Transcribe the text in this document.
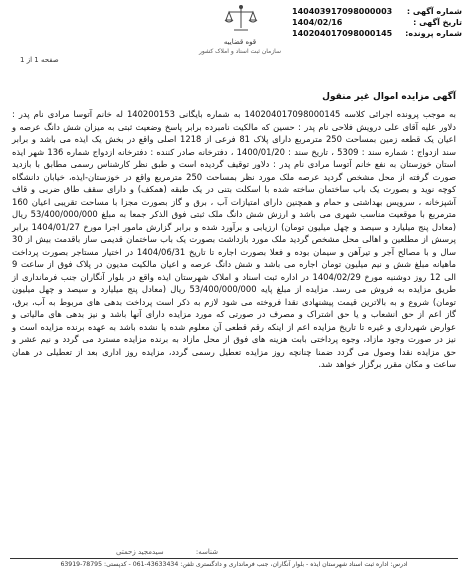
شماره آگهی :
140403917098000003
تاریخ آگهی :
1404/02/16
شماره پرونده:
140204017098000145
قوه قضاییه
سازمان ثبت اسناد و املاک کشور
صفحه 1 از 1
آگهی مزایده اموال غیر منقول
به موجب پرونده اجرائی کلاسه 140204017098000145 به شماره بایگانی 140200153 له خانم آتوسا مرادی نام پدر : دلاور علیه آقای علی درویش فلاحی نام پدر : حسین که مالکیت نامبرده برابر پاسخ وضعیت ثبتی به میزان شش دانگ عرصه و اعیان یک قطعه زمین بمساحت 250 مترمربع دارای پلاک 81 فرعی از 1218 اصلی واقع در بخش یک ایذه می باشد و برابر سند ازدواج : شماره سند : 5309 ، تاریخ سند : 1400/01/20 ، دفترخانه صادر کننده : دفترخانه ازدواج شماره 136 شهر ایذه استان خوزستان به نفع خانم آتوسا مرادی نام پدر : دلاور توقیف گردیده است و طبق نظر کارشناس رسمی مطابق با بازدید صورت گرفته از محل مشخص گردید عرصه ملک مورد نظر بمساحت 250 مترمربع واقع در خوزستان-ایذه، خیابان دانشگاه کوچه نوید و بصورت یک باب ساختمان ساخته شده با اسکلت بتنی در یک طبقه (همکف) و دارای سقف طاق ضربی و قاف آشپزخانه ، سرویس بهداشتی و حمام و همچنین دارای امتیازات آب ، برق و گاز بصورت مجزا با مساحت تقریبی اعیان 160 مترمربع با موقعیت مناسب شهری می باشد و ارزش شش دانگ ملک ثبتی فوق الذکر جمعا به مبلغ 53/400/000/000 ریال (معادل پنج میلیارد و سیصد و چهل میلیون تومان) ارزیابی و برآورد شده و برابر گزارش مامور اجرا مورخ 1404/01/27 برابر پرسش از مطلعین و اهالی محل مشخص گردید ملک مورد بازداشت بصورت یک باب ساختمان قدیمی ساز باقدمت بیش از 30 سال و با مصالح آجر و تیرآهن و سیمان بوده و فعلا بصورت اجاره تا تاریخ 1404/06/31 در اختیار مستاجر بصورت پرداخت ماهیانه مبلغ شش و نیم میلیون تومان اجاره می باشد و شش دانگ عرصه و اعیان مالکیت مدیون در پلاک فوق از ساعت 9 الی 12 روز دوشنبه مورخ 1404/02/29 در اداره ثبت اسناد و املاک شهرستان ایذه واقع در بلوار آنگاران جنب فرمانداری از طریق مزایده به فروش می رسد. مزایده از مبلغ پایه 53/400/000/000 ریال (معادل پنج میلیارد و سیصد و چهل میلیون تومان) شروع و به بالاترین قیمت پیشنهادی نقدا فروخته می شود لازم به ذکر است پرداخت بدهی های مربوط به آب، برق، گاز اعم از حق انشعاب و یا حق اشتراک و مصرف در صورتی که مورد مزایده دارای آنها باشد و نیز بدهی های مالیاتی و عوارض شهرداری و غیره تا تاریخ مزایده اعم از اینکه رقم قطعی آن معلوم شده یا نشده باشد به عهده برنده مزایده است و نیز در صورت وجود مازاد، وجوه پرداختی بابت هزینه های فوق از محل مازاد به برنده مزایده مسترد می گردد و نیم عشر و حق مزایده نقدا وصول می گردد ضمنا چنانچه روز مزایده تعطیل رسمی گردد، مزایده روز اداری بعد از تعطیلی در همان ساعت و مکان مقرر برگزار خواهد شد.
شناسه: سیدمجید زحمتی
ادرس: اداره ثبت اسناد شهرستان ایذه - بلوار آنگاران، جنب فرمانداری و دادگستری تلفن: 43633434-061 - کدپستی: 78795-63919
